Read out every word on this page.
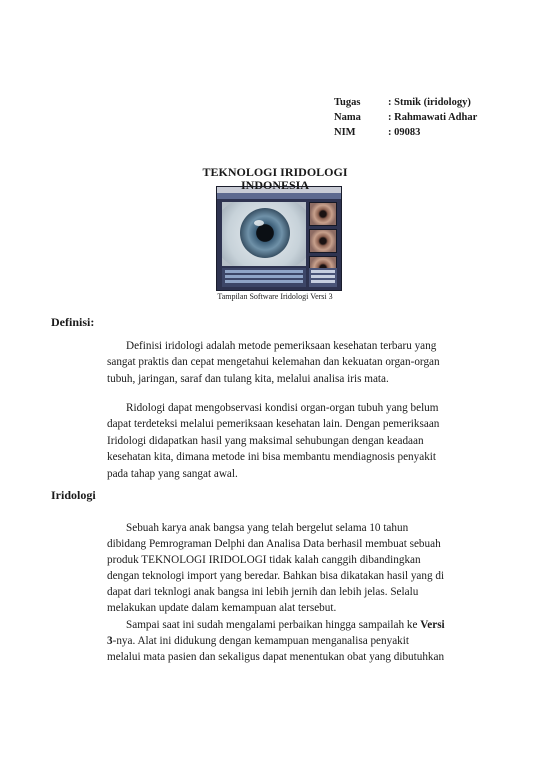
Tugas	: Stmik (iridology)
Nama	: Rahmawati Adhar
NIM	: 09083
TEKNOLOGI IRIDOLOGI
INDONESIA
Tampilan Software Iridologi Versi 3
Definisi:
Definisi iridologi adalah metode pemeriksaan kesehatan terbaru yang
sangat praktis dan cepat mengetahui kelemahan dan kekuatan organ-organ
tubuh, jaringan, saraf dan tulang kita, melalui analisa iris mata.
Ridologi dapat mengobservasi kondisi organ-organ tubuh yang belum
dapat terdeteksi melalui pemeriksaan kesehatan lain. Dengan pemeriksaan
Iridologi didapatkan hasil yang maksimal sehubungan dengan keadaan
kesehatan kita, dimana metode ini bisa membantu mendiagnosis penyakit
pada tahap yang sangat awal.
Iridologi
Sebuah karya anak bangsa yang telah bergelut selama 10 tahun
dibidang Pemrograman Delphi dan Analisa Data berhasil membuat sebuah
produk TEKNOLOGI IRIDOLOGI tidak kalah canggih dibandingkan
dengan teknologi import yang beredar. Bahkan bisa dikatakan hasil yang di
dapat dari teknlogi anak bangsa ini lebih jernih dan lebih jelas. Selalu
melakukan update dalam kemampuan alat tersebut.
Sampai saat ini sudah mengalami perbaikan hingga sampailah ke Versi
3-nya. Alat ini didukung dengan kemampuan menganalisa penyakit
melalui mata pasien dan sekaligus dapat menentukan obat yang dibutuhkan
